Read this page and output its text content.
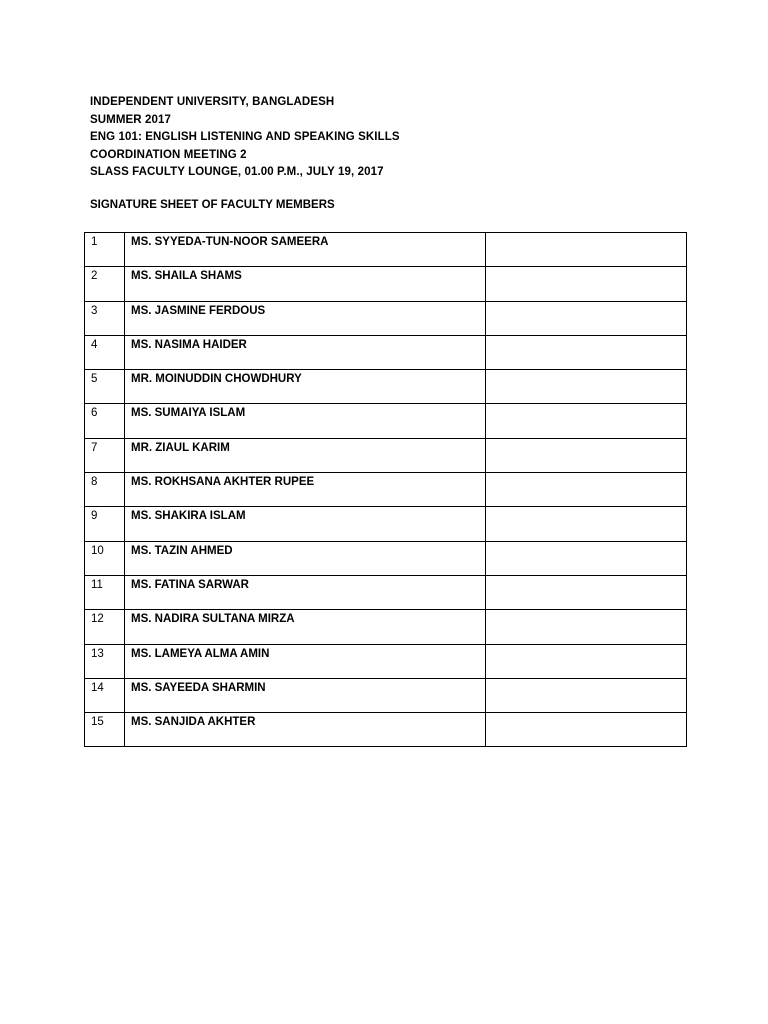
INDEPENDENT UNIVERSITY, BANGLADESH
SUMMER 2017
ENG 101: ENGLISH LISTENING AND SPEAKING SKILLS
COORDINATION MEETING 2
SLASS FACULTY LOUNGE, 01.00 P.M., JULY 19, 2017
SIGNATURE SHEET OF FACULTY MEMBERS
1	MS. SYYEDA-TUN-NOOR SAMEERA	
2	MS. SHAILA SHAMS	
3	MS. JASMINE FERDOUS	
4	MS. NASIMA HAIDER	
5	MR. MOINUDDIN CHOWDHURY	
6	MS. SUMAIYA ISLAM	
7	MR. ZIAUL KARIM	
8	MS. ROKHSANA AKHTER RUPEE	
9	MS. SHAKIRA ISLAM	
10	MS. TAZIN AHMED	
11	MS. FATINA SARWAR	
12	MS. NADIRA SULTANA MIRZA	
13	MS. LAMEYA ALMA AMIN	
14	MS. SAYEEDA SHARMIN	
15	MS. SANJIDA AKHTER	
